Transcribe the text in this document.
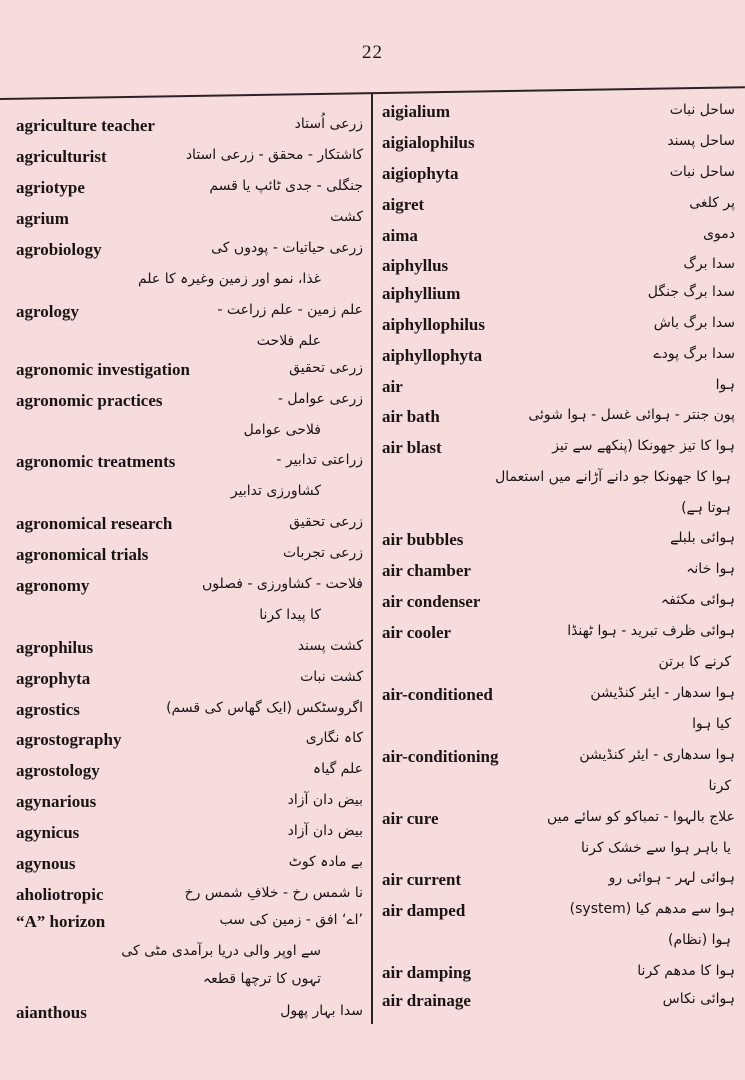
22
agriculture teacher	زرعی اُستاد
agriculturist	کاشتکار - محقق - زرعی استاد
agriotype	جنگلی - جدی ٹائپ یا قسم
agrium	کشت
agrobiology	زرعی حیاتیات - پودوں کی
غذا، نمو اور زمین وغیرہ کا علم
agrology	علم زمین - علم زراعت -
علم فلاحت
agronomic investigation	زرعی تحقیق
agronomic practices	زرعی عوامل -
فلاحی عوامل
agronomic treatments	زراعتی تدابیر -
کشاورزی تدابیر
agronomical research	زرعی تحقیق
agronomical trials	زرعی تجربات
agronomy	فلاحت - کشاورزی - فصلوں
کا پیدا کرنا
agrophilus	کشت پسند
agrophyta	کشت نبات
agrostics	اگروسٹکس (ایک گھاس کی قسم)
agrostography	کاہ نگاری
agrostology	علم گیاہ
agynarious	بیض دان آزاد
agynicus	بیض دان آزاد
agynous	بے مادہ کوٹ
aholiotropic	نا شمس رخ - خلافِ شمس رخ
“A” horizon	’اے‘ افق - زمین کی سب
سے اوپر والی دریا برآمدی مٹی کی
تہوں کا ترچھا قطعہ
aianthous	سدا بہار پھول
aigialium	ساحل نبات
aigialophilus	ساحل پسند
aigiophyta	ساحل نبات
aigret	پر کلغی
aima	دموی
aiphyllus	سدا برگ
aiphyllium	سدا برگ جنگل
aiphyllophilus	سدا برگ باش
aiphyllophyta	سدا برگ پودے
air	ہوا
air bath	پون جنتر - ہوائی غسل - ہوا شوئی
air blast	ہوا کا تیز جھونکا (پنکھے سے تیز
ہوا کا جھونکا جو دانے آڑانے میں استعمال
ہوتا ہے)
air bubbles	ہوائی بلبلے
air chamber	ہوا خانہ
air condenser	ہوائی مکثفہ
air cooler	ہوائی ظرف تبرید - ہوا ٹھنڈا
کرنے کا برتن
air-conditioned	ہوا سدھار - ایئر کنڈیشن
کیا ہوا
air-conditioning	ہوا سدھاری - ایئر کنڈیشن
کرنا
air cure	علاج بالہوا - تمباکو کو سائے میں
یا باہر ہوا سے خشک کرنا
air current	ہوائی لہر - ہوائی رو
air damped	ہوا سے مدھم کیا (system)
ہوا (نظام)
air damping	ہوا کا مدھم کرنا
air drainage	ہوائی نکاس
